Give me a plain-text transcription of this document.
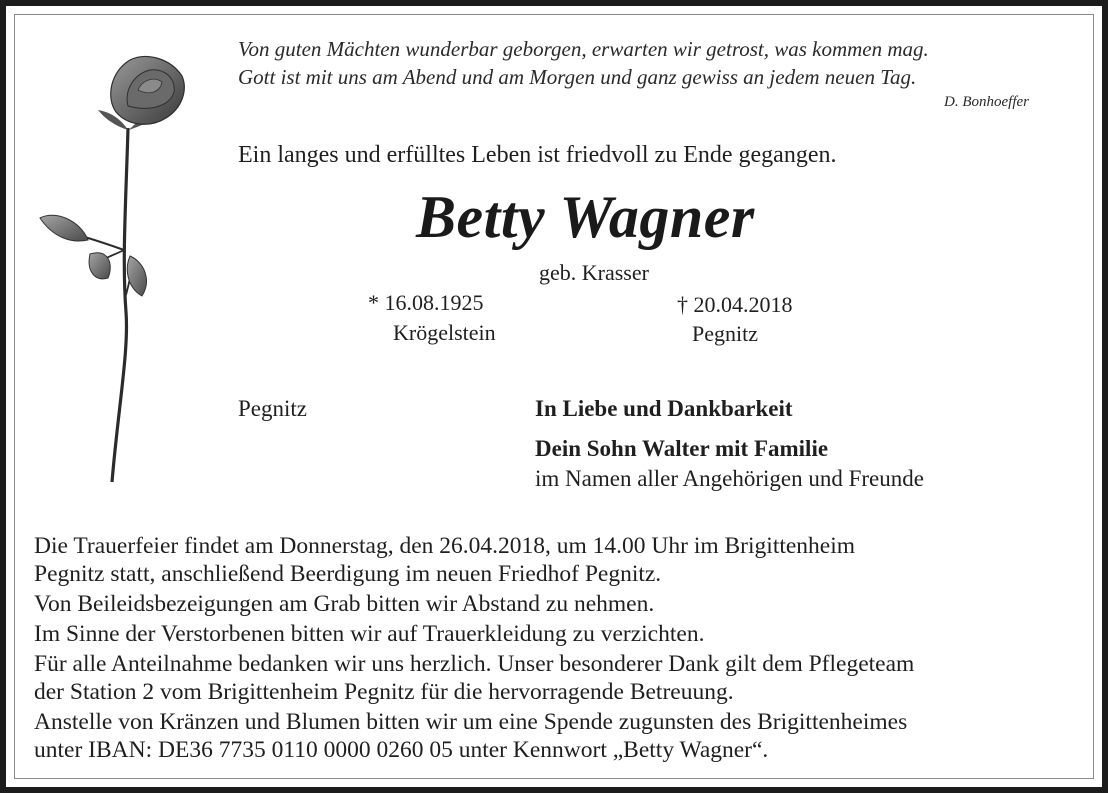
Von guten Mächten wunderbar geborgen, erwarten wir getrost, was kommen mag.
Gott ist mit uns am Abend und am Morgen und ganz gewiss an jedem neuen Tag.
D. Bonhoeffer
Ein langes und erfülltes Leben ist friedvoll zu Ende gegangen.
Betty Wagner
geb. Krasser
* 16.08.1925
Krögelstein
† 20.04.2018
Pegnitz
Pegnitz	In Liebe und Dankbarkeit
Dein Sohn Walter mit Familie
im Namen aller Angehörigen und Freunde
Die Trauerfeier findet am Donnerstag, den 26.04.2018, um 14.00 Uhr im Brigittenheim
Pegnitz statt, anschließend Beerdigung im neuen Friedhof Pegnitz.
Von Beileidsbezeigungen am Grab bitten wir Abstand zu nehmen.
Im Sinne der Verstorbenen bitten wir auf Trauerkleidung zu verzichten.
Für alle Anteilnahme bedanken wir uns herzlich. Unser besonderer Dank gilt dem Pflegeteam
der Station 2 vom Brigittenheim Pegnitz für die hervorragende Betreuung.
Anstelle von Kränzen und Blumen bitten wir um eine Spende zugunsten des Brigittenheimes
unter IBAN: DE36 7735 0110 0000 0260 05 unter Kennwort „Betty Wagner“.
